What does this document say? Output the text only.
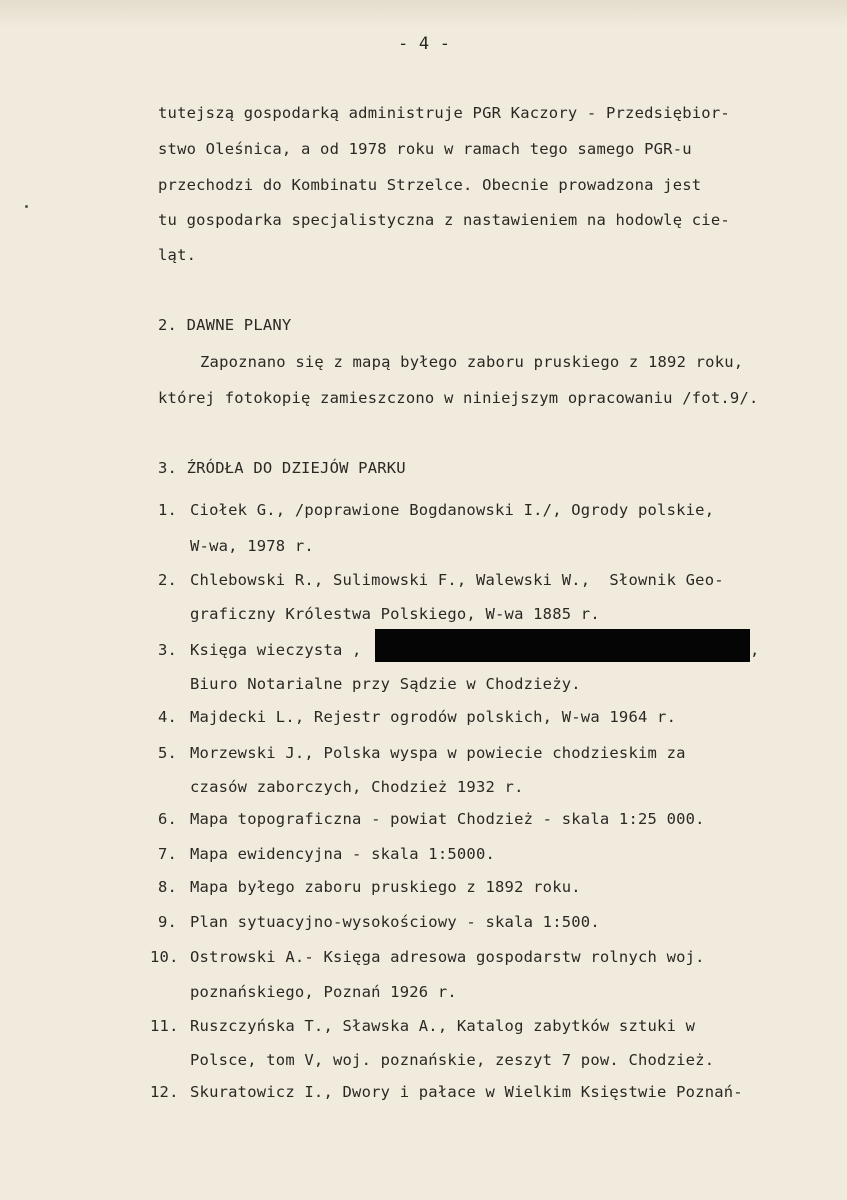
- 4 -
tutejszą gospodarką administruje PGR Kaczory - Przedsiębior-
stwo Oleśnica, a od 1978 roku w ramach tego samego PGR-u
przechodzi do Kombinatu Strzelce. Obecnie prowadzona jest
tu gospodarka specjalistyczna z nastawieniem na hodowlę cie-
ląt.
2. DAWNE PLANY
Zapoznano się z mapą byłego zaboru pruskiego z 1892 roku,
której fotokopię zamieszczono w niniejszym opracowaniu /fot.9/.
3. ŹRÓDŁA DO DZIEJÓW PARKU
1. Ciołek G., /poprawione Bogdanowski I./, Ogrody polskie,
W-wa, 1978 r.
2. Chlebowski R., Sulimowski F., Walewski W.,  Słownik Geo-
graficzny Królestwa Polskiego, W-wa 1885 r.
3. Księga wieczysta ,	,
Biuro Notarialne przy Sądzie w Chodzieży.
4. Majdecki L., Rejestr ogrodów polskich, W-wa 1964 r.
5. Morzewski J., Polska wyspa w powiecie chodzieskim za
czasów zaborczych, Chodzież 1932 r.
6. Mapa topograficzna - powiat Chodzież - skala 1:25 000.
7. Mapa ewidencyjna - skala 1:5000.
8. Mapa byłego zaboru pruskiego z 1892 roku.
9. Plan sytuacyjno-wysokościowy - skala 1:500.
10. Ostrowski A.- Księga adresowa gospodarstw rolnych woj.
poznańskiego, Poznań 1926 r.
11. Ruszczyńska T., Sławska A., Katalog zabytków sztuki w
Polsce, tom V, woj. poznańskie, zeszyt 7 pow. Chodzież.
12. Skuratowicz I., Dwory i pałace w Wielkim Księstwie Poznań-
